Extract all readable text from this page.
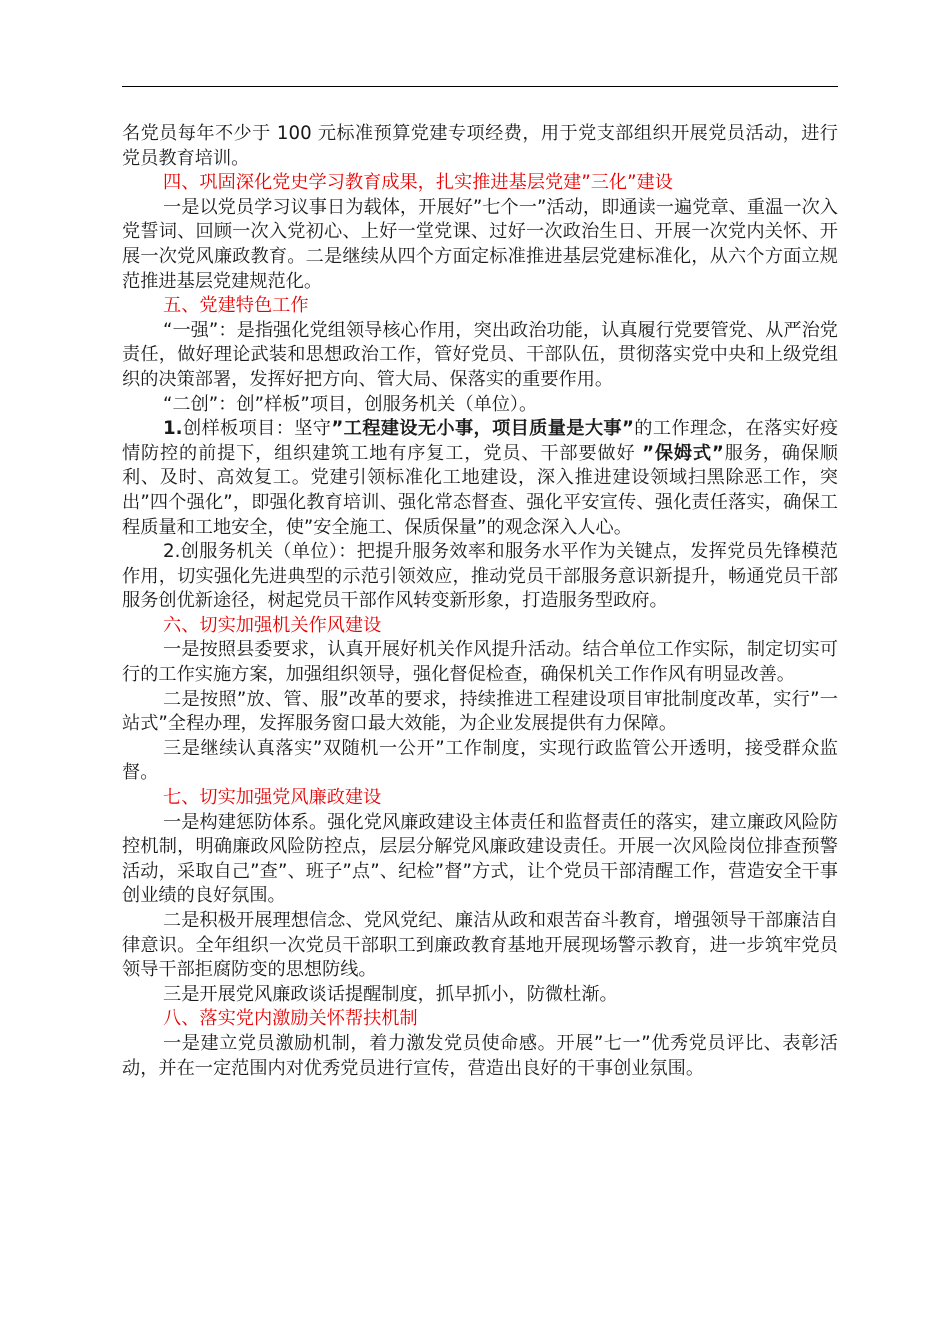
名党员每年不少于 100 元标准预算党建专项经费，用于党支部组织开展党员活动，进行党员教育培训。

四、巩固深化党史学习教育成果，扎实推进基层党建”三化”建设

一是以党员学习议事日为载体，开展好”七个一”活动，即通读一遍党章、重温一次入党誓词、回顾一次入党初心、上好一堂党课、过好一次政治生日、开展一次党内关怀、开展一次党风廉政教育。二是继续从四个方面定标准推进基层党建标准化，从六个方面立规范推进基层党建规范化。

五、党建特色工作

“一强”：是指强化党组领导核心作用，突出政治功能，认真履行党要管党、从严治党责任，做好理论武装和思想政治工作，管好党员、干部队伍，贯彻落实党中央和上级党组织的决策部署，发挥好把方向、管大局、保落实的重要作用。

“二创”：创”样板”项目，创服务机关（单位）。

1.创样板项目：坚守”工程建设无小事，项目质量是大事”的工作理念，在落实好疫情防控的前提下，组织建筑工地有序复工，党员、干部要做好 ”保姆式”服务，确保顺利、及时、高效复工。党建引领标准化工地建设，深入推进建设领域扫黑除恶工作，突出”四个强化”，即强化教育培训、强化常态督查、强化平安宣传、强化责任落实，确保工程质量和工地安全，使”安全施工、保质保量”的观念深入人心。

2.创服务机关（单位）：把提升服务效率和服务水平作为关键点，发挥党员先锋模范作用，切实强化先进典型的示范引领效应，推动党员干部服务意识新提升，畅通党员干部服务创优新途径，树起党员干部作风转变新形象，打造服务型政府。

六、切实加强机关作风建设

一是按照县委要求，认真开展好机关作风提升活动。结合单位工作实际，制定切实可行的工作实施方案，加强组织领导，强化督促检查，确保机关工作作风有明显改善。

二是按照”放、管、服”改革的要求，持续推进工程建设项目审批制度改革，实行”一站式”全程办理，发挥服务窗口最大效能，为企业发展提供有力保障。

三是继续认真落实”双随机一公开”工作制度，实现行政监管公开透明，接受群众监督。

七、切实加强党风廉政建设

一是构建惩防体系。强化党风廉政建设主体责任和监督责任的落实，建立廉政风险防控机制，明确廉政风险防控点，层层分解党风廉政建设责任。开展一次风险岗位排查预警活动，采取自己”查”、班子”点”、纪检”督”方式，让个党员干部清醒工作，营造安全干事创业绩的良好氛围。

二是积极开展理想信念、党风党纪、廉洁从政和艰苦奋斗教育，增强领导干部廉洁自律意识。全年组织一次党员干部职工到廉政教育基地开展现场警示教育，进一步筑牢党员领导干部拒腐防变的思想防线。

三是开展党风廉政谈话提醒制度，抓早抓小，防微杜渐。

八、落实党内激励关怀帮扶机制

一是建立党员激励机制，着力激发党员使命感。开展”七一”优秀党员评比、表彰活动，并在一定范围内对优秀党员进行宣传，营造出良好的干事创业氛围。
